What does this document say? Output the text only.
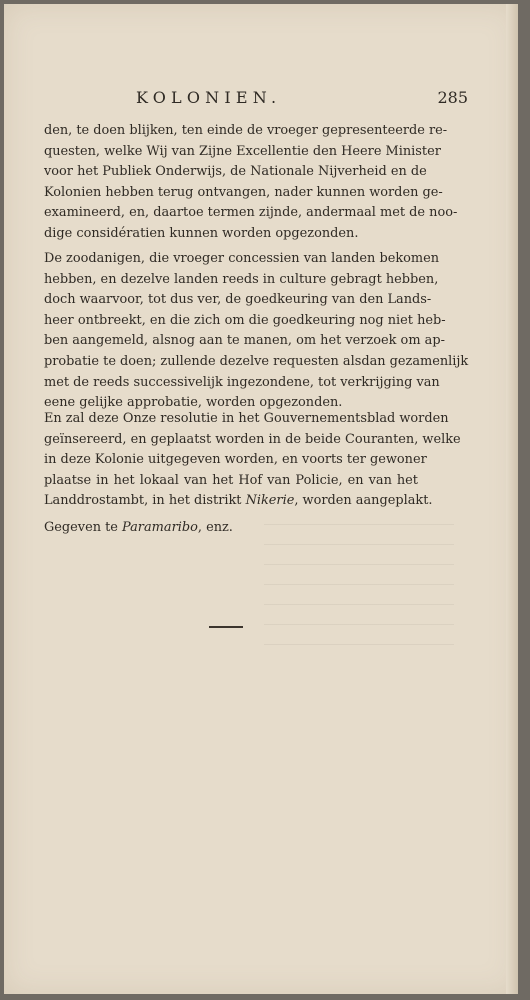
KOLONIEN.	285
den, te doen blijken, ten einde de vroeger gepresenteerde re-
questen, welke Wij van Zijne Excellentie den Heere Minister
voor het Publiek Onderwijs, de Nationale Nijverheid en de
Kolonien hebben terug ontvangen, nader kunnen worden ge-
examineerd, en, daartoe termen zijnde, andermaal met de noo-
dige considératien kunnen worden opgezonden.
De zoodanigen, die vroeger concessien van landen bekomen
hebben, en dezelve landen reeds in culture gebragt hebben,
doch waarvoor, tot dus ver, de goedkeuring van den Lands-
heer ontbreekt, en die zich om die goedkeuring nog niet heb-
ben aangemeld, alsnog aan te manen, om het verzoek om ap-
probatie te doen; zullende dezelve requesten alsdan gezamenlijk
met de reeds successivelijk ingezondene, tot verkrijging van
eene gelijke approbatie, worden opgezonden.
En zal deze Onze resolutie in het Gouvernementsblad worden
geïnsereerd, en geplaatst worden in de beide Couranten, welke
in deze Kolonie uitgegeven worden, en voorts ter gewoner
plaatse in het lokaal van het Hof van Policie, en van het
Landdrostambt, in het distrikt Nikerie, worden aangeplakt.
Gegeven te Paramaribo, enz.
